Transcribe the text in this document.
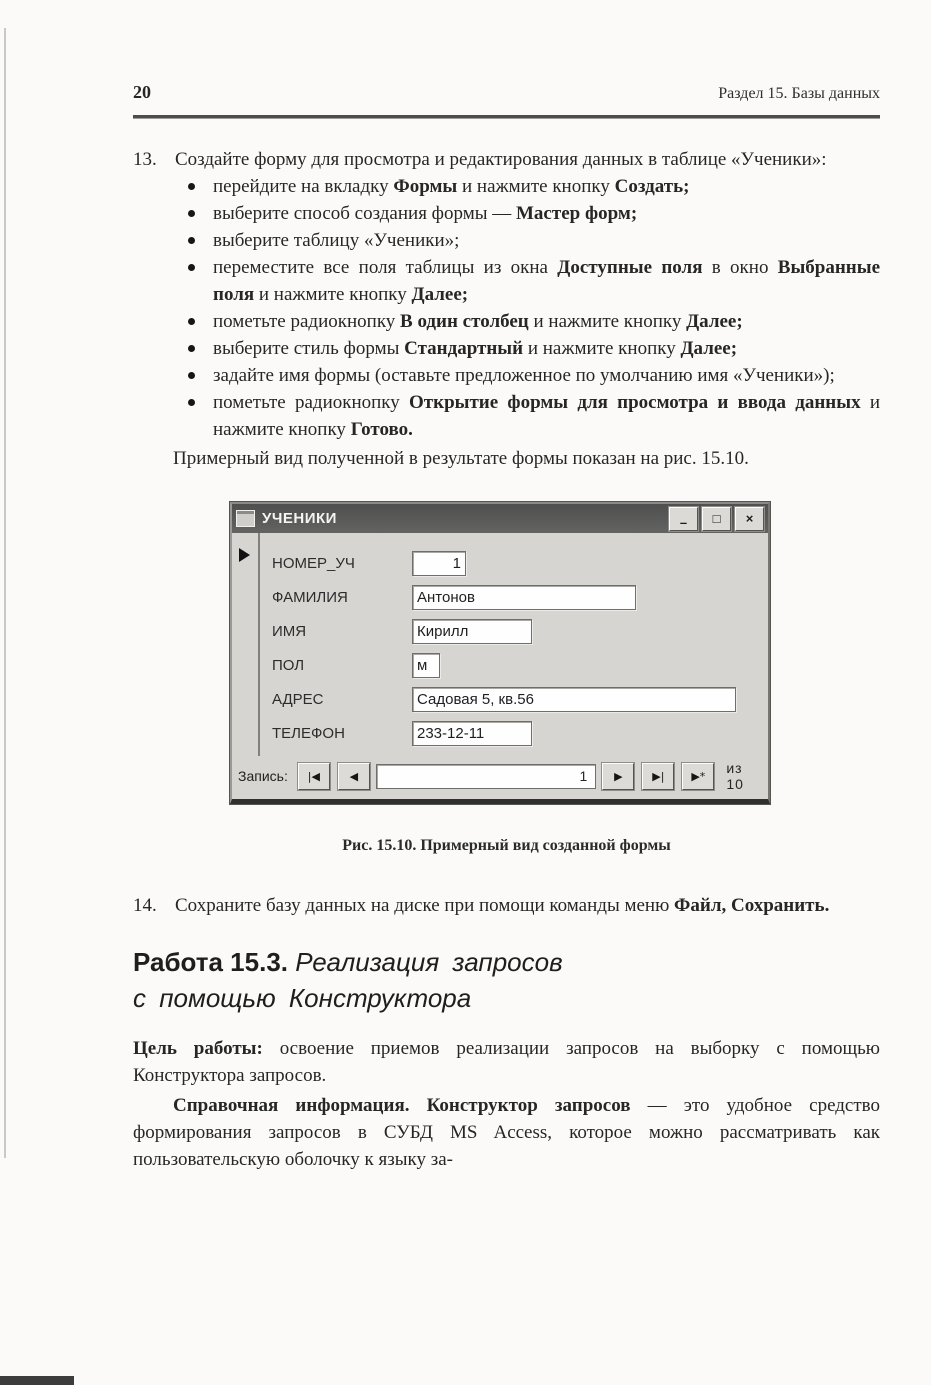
20	Раздел 15. Базы данных
13. Создайте форму для просмотра и редактирования данных в таблице «Ученики»:
перейдите на вкладку Формы и нажмите кнопку Создать;
выберите способ создания формы — Мастер форм;
выберите таблицу «Ученики»;
переместите все поля таблицы из окна Доступные поля в окно Выбранные поля и нажмите кнопку Далее;
пометьте радиокнопку В один столбец и нажмите кнопку Далее;
выберите стиль формы Стандартный и нажмите кнопку Далее;
задайте имя формы (оставьте предложенное по умолчанию имя «Ученики»);
пометьте радиокнопку Открытие формы для просмотра и ввода данных и нажмите кнопку Готово.

Примерный вид полученной в результате формы показан на рис. 15.10.

УЧЕНИКИ	– □ ×
НОМЕР_УЧ	1
ФАМИЛИЯ	Антонов
ИМЯ	Кирилл
ПОЛ	м
АДРЕС	Садовая 5, кв.56
ТЕЛЕФОН	233-12-11
Запись: |◀	◀	1	▶	▶| ▶* из 10
Рис. 15.10. Примерный вид созданной формы
14. Сохраните базу данных на диске при помощи команды меню Файл, Сохранить.
Работа 15.3. Реализация запросов
с помощью Конструктора

Цель работы: освоение приемов реализации запросов на выборку с помощью Конструктора запросов.

Справочная информация. Конструктор запросов — это удобное средство формирования запросов в СУБД MS Access, которое можно рассматривать как пользовательскую оболочку к языку за-
